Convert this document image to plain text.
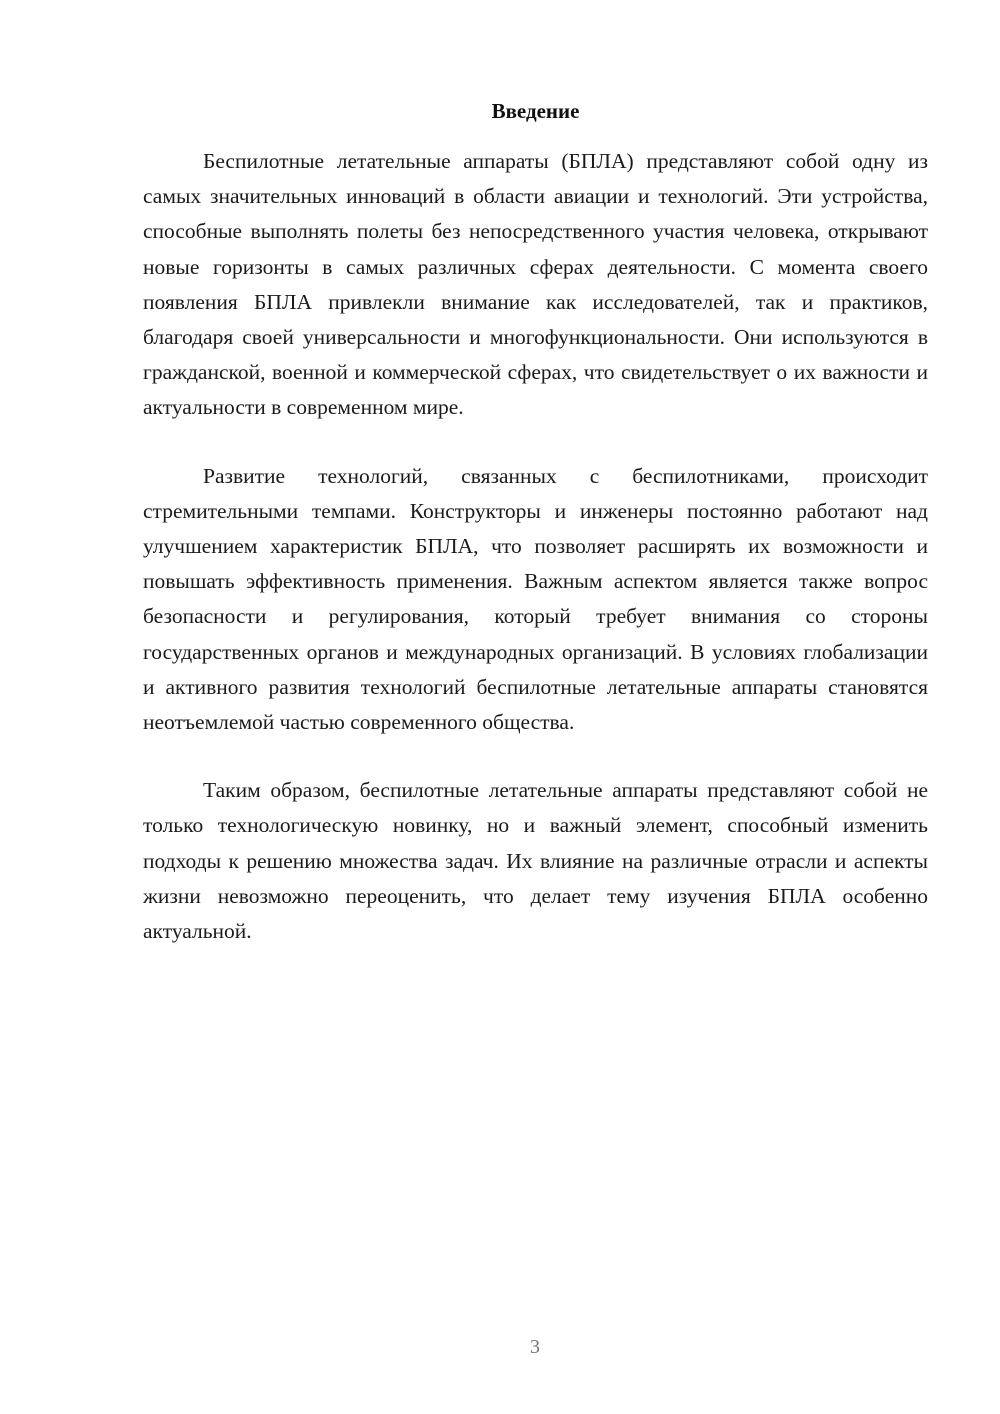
Введение

Беспилотные летательные аппараты (БПЛА) представляют собой одну из самых значительных инноваций в области авиации и технологий. Эти устройства, способные выполнять полеты без непосредственного участия человека, открывают новые горизонты в самых различных сферах деятельности. С момента своего появления БПЛА привлекли внимание как исследователей, так и практиков, благодаря своей универсальности и многофункциональности. Они используются в гражданской, военной и коммерческой сферах, что свидетельствует о их важности и актуальности в современном мире.

Развитие технологий, связанных с беспилотниками, происходит стремительными темпами. Конструкторы и инженеры постоянно работают над улучшением характеристик БПЛА, что позволяет расширять их возможности и повышать эффективность применения. Важным аспектом является также вопрос безопасности и регулирования, который требует внимания со стороны государственных органов и международных организаций. В условиях глобализации и активного развития технологий беспилотные летательные аппараты становятся неотъемлемой частью современного общества.

Таким образом, беспилотные летательные аппараты представляют собой не только технологическую новинку, но и важный элемент, способный изменить подходы к решению множества задач. Их влияние на различные отрасли и аспекты жизни невозможно переоценить, что делает тему изучения БПЛА особенно актуальной.

3
